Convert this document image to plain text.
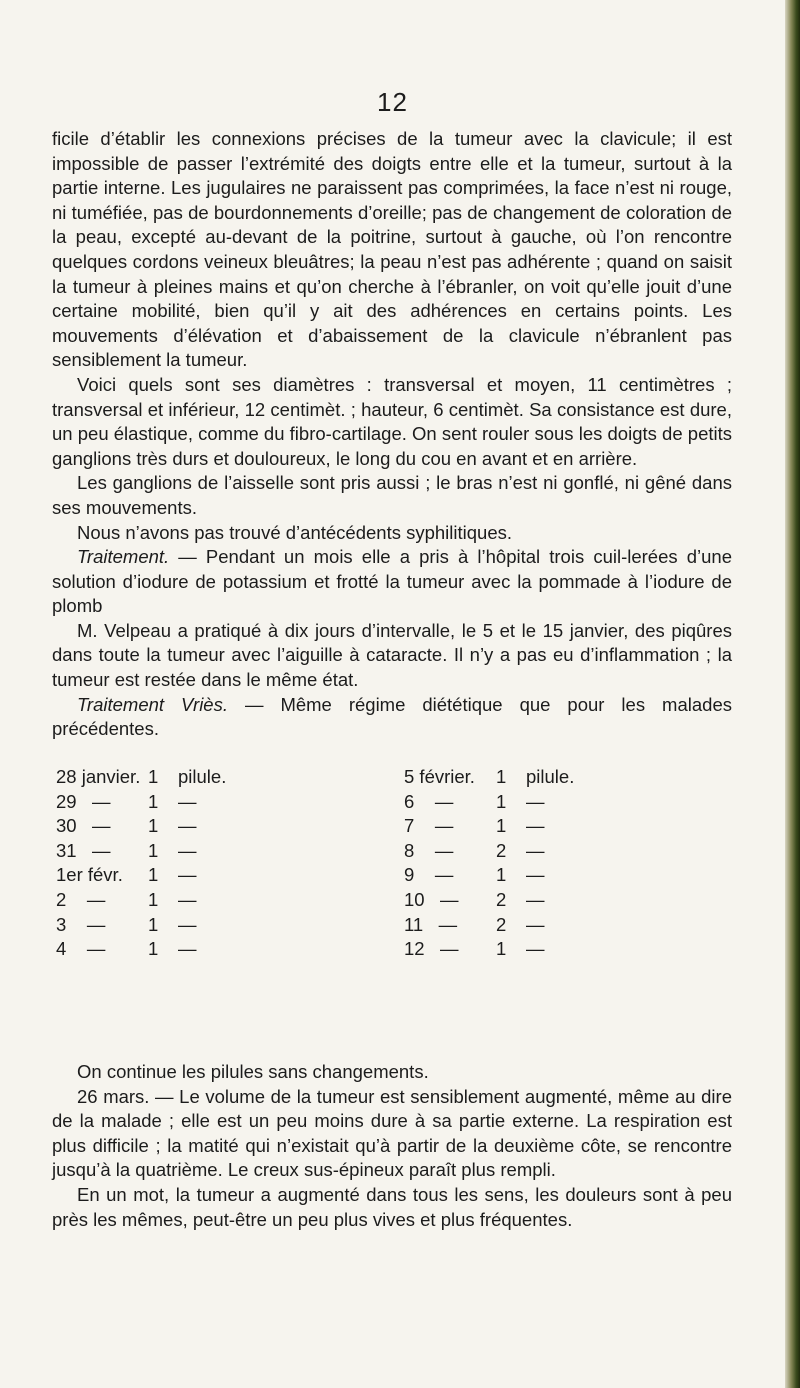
12

ficile d’établir les connexions précises de la tumeur avec la clavicule; il est impossible de passer l’extrémité des doigts entre elle et la tumeur, surtout à la partie interne. Les jugulaires ne paraissent pas comprimées, la face n’est ni rouge, ni tuméfiée, pas de bourdonnements d’oreille; pas de changement de coloration de la peau, excepté au-devant de la poitrine, surtout à gauche, où l’on rencontre quelques cordons veineux bleuâtres; la peau n’est pas adhérente ; quand on saisit la tumeur à pleines mains et qu’on cherche à l’ébranler, on voit qu’elle jouit d’une certaine mobilité, bien qu’il y ait des adhérences en certains points. Les mouvements d’élévation et d’abaissement de la clavicule n’ébranlent pas sensiblement la tumeur.

Voici quels sont ses diamètres : transversal et moyen, 11 centimètres ; transversal et inférieur, 12 centimèt. ; hauteur, 6 centimèt. Sa consistance est dure, un peu élastique, comme du fibro-cartilage. On sent rouler sous les doigts de petits ganglions très durs et douloureux, le long du cou en avant et en arrière.

Les ganglions de l’aisselle sont pris aussi ; le bras n’est ni gonflé, ni gêné dans ses mouvements.

Nous n’avons pas trouvé d’antécédents syphilitiques.

Traitement. — Pendant un mois elle a pris à l’hôpital trois cuil-lerées d’une solution d’iodure de potassium et frotté la tumeur avec la pommade à l’iodure de plomb

M. Velpeau a pratiqué à dix jours d’intervalle, le 5 et le 15 janvier, des piqûres dans toute la tumeur avec l’aiguille à cataracte. Il n’y a pas eu d’inflammation ; la tumeur est restée dans le même état.

Traitement Vriès. — Même régime diététique que pour les malades précédentes.

28 janvier. 1 pilule.
29   — 1 —
30   — 1 —
31   — 1 —
1er févr. 1 —
2    — 1 —
3    — 1 —
4    — 1 —
5 février. 1 pilule.
6    — 1 —
7    — 1 —
8    — 2 —
9    — 1 —
10   — 2 —
11   — 2 —
12   — 1 —

On continue les pilules sans changements.

26 mars. — Le volume de la tumeur est sensiblement augmenté, même au dire de la malade ; elle est un peu moins dure à sa partie externe. La respiration est plus difficile ; la matité qui n’existait qu’à partir de la deuxième côte, se rencontre jusqu’à la quatrième. Le creux sus-épineux paraît plus rempli.

En un mot, la tumeur a augmenté dans tous les sens, les douleurs sont à peu près les mêmes, peut-être un peu plus vives et plus fréquentes.
